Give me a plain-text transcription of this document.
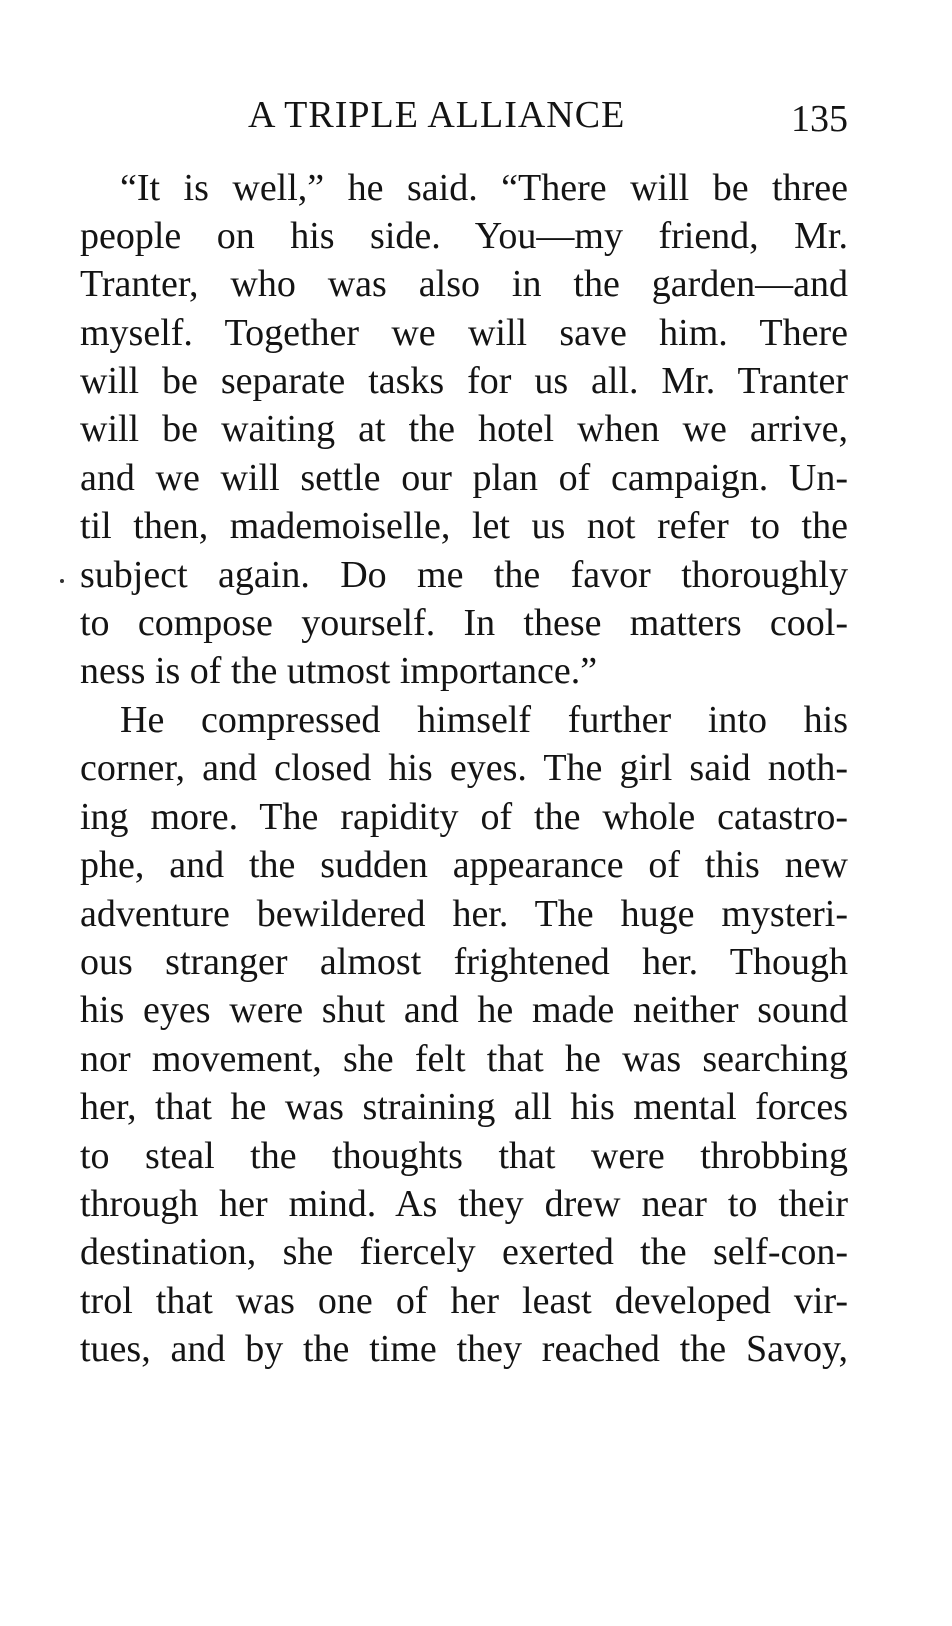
A TRIPLE ALLIANCE	135
“It is well,” he said. “There will be three
people on his side. You—my friend, Mr.
Tranter, who was also in the garden—and
myself. Together we will save him. There
will be separate tasks for us all. Mr. Tranter
will be waiting at the hotel when we arrive,
and we will settle our plan of campaign. Un-
til then, mademoiselle, let us not refer to the
subject again. Do me the favor thoroughly
to compose yourself. In these matters cool-
ness is of the utmost importance.”
He compressed himself further into his
corner, and closed his eyes. The girl said noth-
ing more. The rapidity of the whole catastro-
phe, and the sudden appearance of this new
adventure bewildered her. The huge mysteri-
ous stranger almost frightened her. Though
his eyes were shut and he made neither sound
nor movement, she felt that he was searching
her, that he was straining all his mental forces
to steal the thoughts that were throbbing
through her mind. As they drew near to their
destination, she fiercely exerted the self-con-
trol that was one of her least developed vir-
tues, and by the time they reached the Savoy,
